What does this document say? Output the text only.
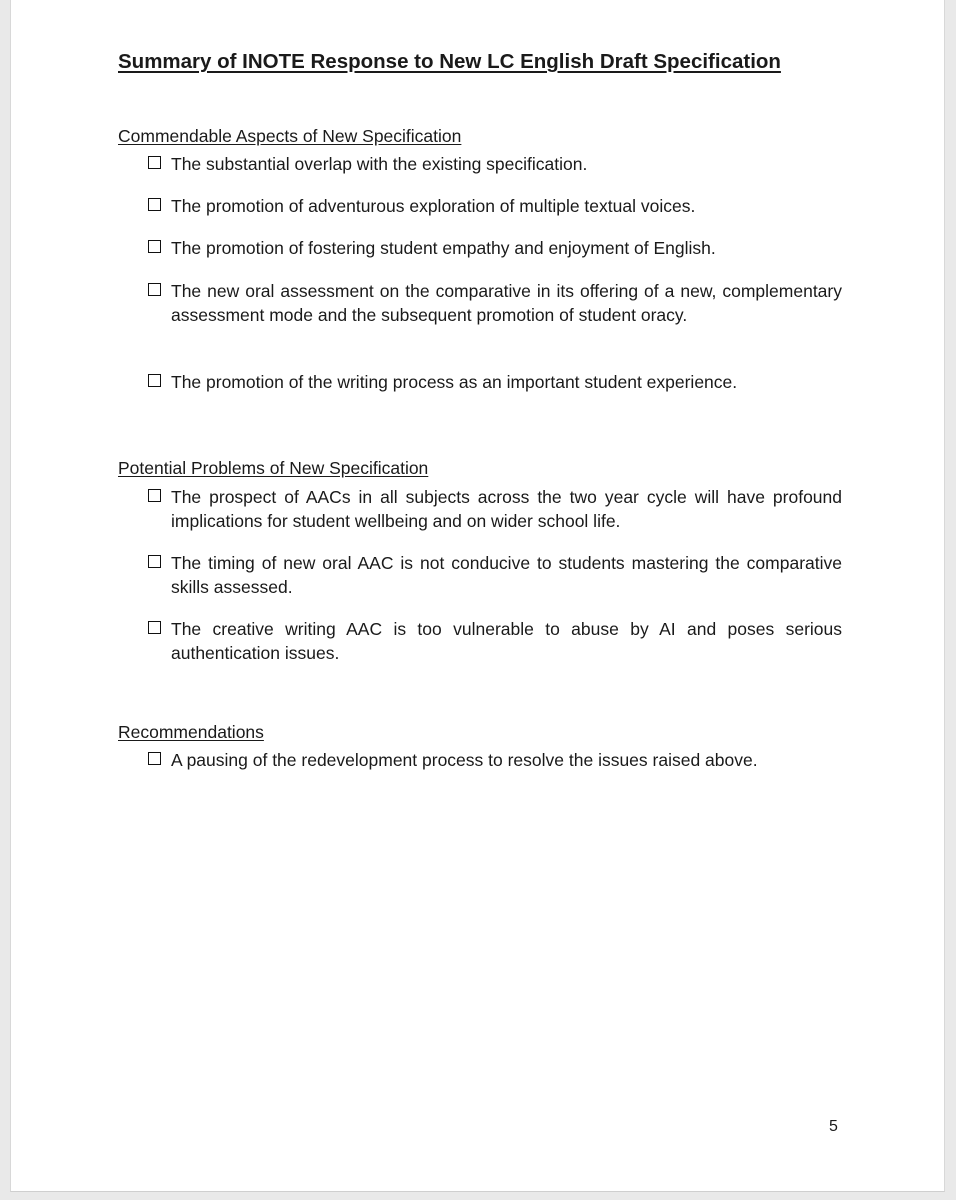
Summary of INOTE Response to New LC English Draft Specification
Commendable Aspects of New Specification

The substantial overlap with the existing specification.

The promotion of adventurous exploration of multiple textual voices.

The promotion of fostering student empathy and enjoyment of English.

The new oral assessment on the comparative in its offering of a new, complementary assessment mode and the subsequent promotion of student oracy.

The promotion of the writing process as an important student experience.

Potential Problems of New Specification

The prospect of AACs in all subjects across the two year cycle will have profound implications for student wellbeing and on wider school life.

The timing of new oral AAC is not conducive to students mastering the comparative skills assessed.

The creative writing AAC is too vulnerable to abuse by AI and poses serious authentication issues.

Recommendations

A pausing of the redevelopment process to resolve the issues raised above.

5
